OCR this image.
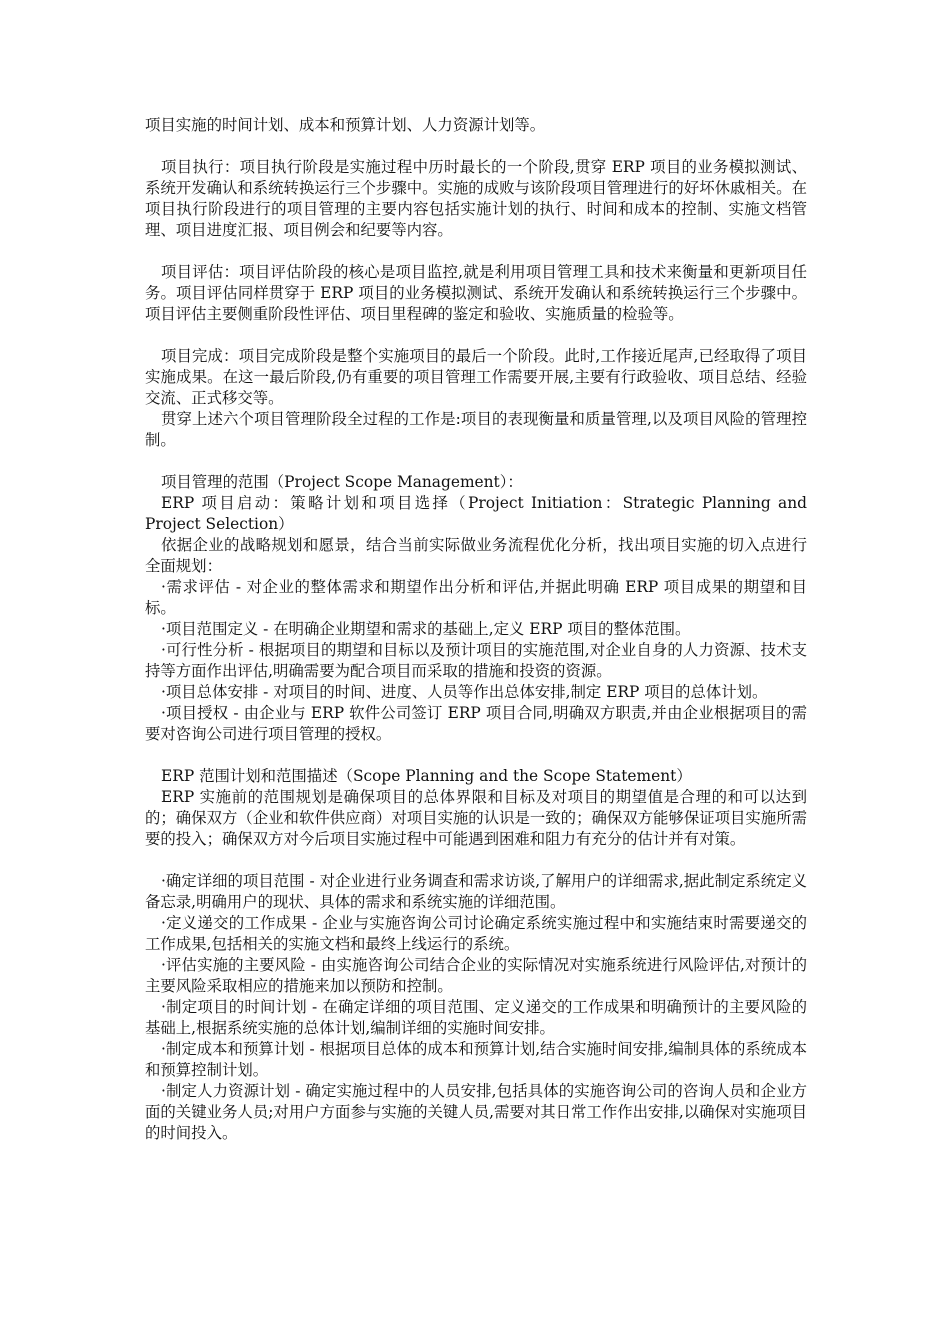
项目实施的时间计划、成本和预算计划、人力资源计划等。

项目执行：项目执行阶段是实施过程中历时最长的一个阶段,贯穿 ERP 项目的业务模拟测试、系统开发确认和系统转换运行三个步骤中。实施的成败与该阶段项目管理进行的好坏休戚相关。在项目执行阶段进行的项目管理的主要内容包括实施计划的执行、时间和成本的控制、实施文档管理、项目进度汇报、项目例会和纪要等内容。

项目评估：项目评估阶段的核心是项目监控,就是利用项目管理工具和技术来衡量和更新项目任务。项目评估同样贯穿于 ERP 项目的业务模拟测试、系统开发确认和系统转换运行三个步骤中。项目评估主要侧重阶段性评估、项目里程碑的鉴定和验收、实施质量的检验等。

项目完成：项目完成阶段是整个实施项目的最后一个阶段。此时,工作接近尾声,已经取得了项目实施成果。在这一最后阶段,仍有重要的项目管理工作需要开展,主要有行政验收、项目总结、经验交流、正式移交等。

贯穿上述六个项目管理阶段全过程的工作是:项目的表现衡量和质量管理,以及项目风险的管理控制。

项目管理的范围（Project Scope Management）：

ERP 项目启动：策略计划和项目选择（Project Initiation：Strategic Planning and Project Selection）

依据企业的战略规划和愿景，结合当前实际做业务流程优化分析，找出项目实施的切入点进行全面规划：

·需求评估 - 对企业的整体需求和期望作出分析和评估,并据此明确 ERP 项目成果的期望和目标。

·项目范围定义 - 在明确企业期望和需求的基础上,定义 ERP 项目的整体范围。

·可行性分析 - 根据项目的期望和目标以及预计项目的实施范围,对企业自身的人力资源、技术支持等方面作出评估,明确需要为配合项目而采取的措施和投资的资源。

·项目总体安排 - 对项目的时间、进度、人员等作出总体安排,制定 ERP 项目的总体计划。

·项目授权 - 由企业与 ERP 软件公司签订 ERP 项目合同,明确双方职责,并由企业根据项目的需要对咨询公司进行项目管理的授权。

ERP 范围计划和范围描述（Scope Planning and the Scope Statement）

ERP 实施前的范围规划是确保项目的总体界限和目标及对项目的期望值是合理的和可以达到的；确保双方（企业和软件供应商）对项目实施的认识是一致的；确保双方能够保证项目实施所需要的投入；确保双方对今后项目实施过程中可能遇到困难和阻力有充分的估计并有对策。

·确定详细的项目范围 - 对企业进行业务调查和需求访谈,了解用户的详细需求,据此制定系统定义备忘录,明确用户的现状、具体的需求和系统实施的详细范围。

·定义递交的工作成果 - 企业与实施咨询公司讨论确定系统实施过程中和实施结束时需要递交的工作成果,包括相关的实施文档和最终上线运行的系统。

·评估实施的主要风险 - 由实施咨询公司结合企业的实际情况对实施系统进行风险评估,对预计的主要风险采取相应的措施来加以预防和控制。

·制定项目的时间计划 - 在确定详细的项目范围、定义递交的工作成果和明确预计的主要风险的基础上,根据系统实施的总体计划,编制详细的实施时间安排。

·制定成本和预算计划 - 根据项目总体的成本和预算计划,结合实施时间安排,编制具体的系统成本和预算控制计划。

·制定人力资源计划 - 确定实施过程中的人员安排,包括具体的实施咨询公司的咨询人员和企业方面的关键业务人员;对用户方面参与实施的关键人员,需要对其日常工作作出安排,以确保对实施项目的时间投入。
